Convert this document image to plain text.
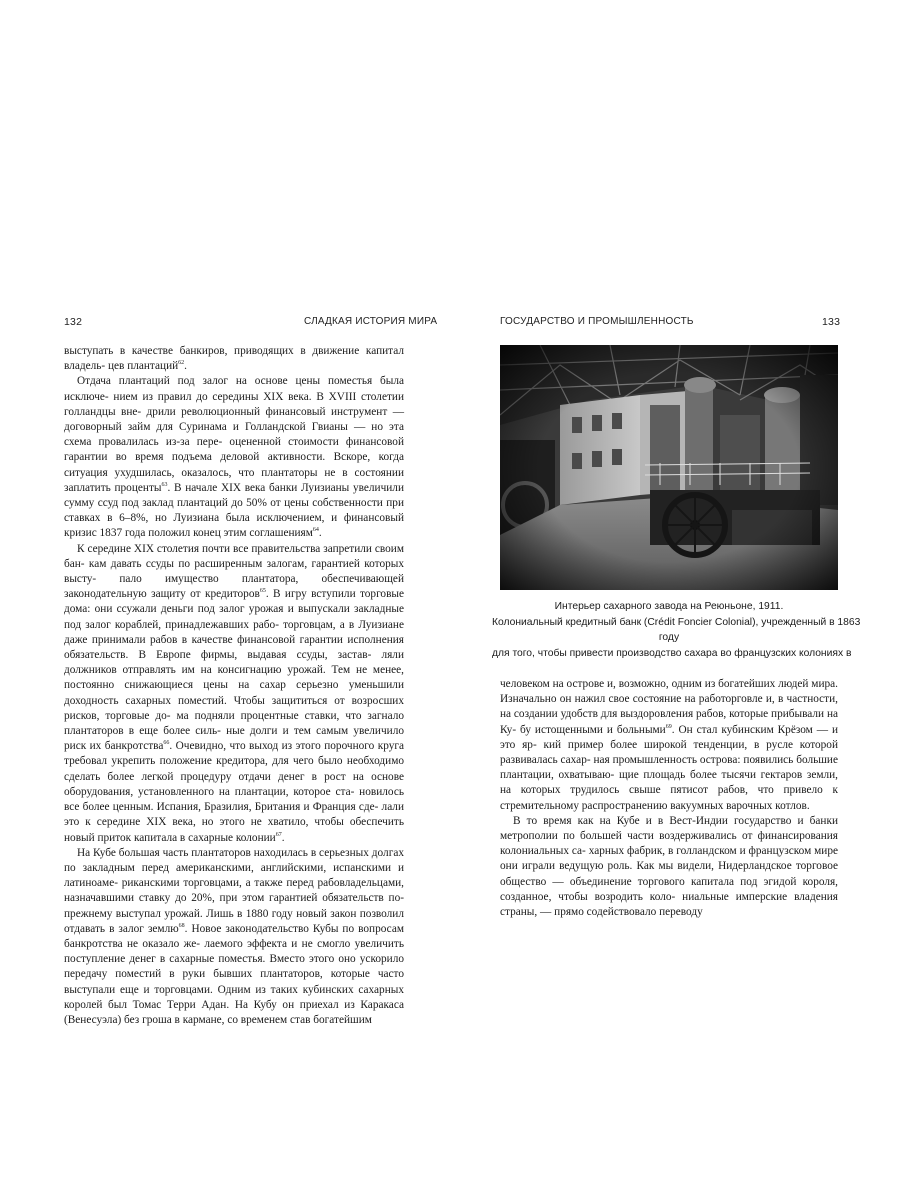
132	СЛАДКАЯ ИСТОРИЯ МИРА

выступать в качестве банкиров, приводящих в движение капитал владель- цев плантаций$^{62}$.

Отдача плантаций под залог на основе цены поместья была исключе- нием из правил до середины XIX века. В XVIII столетии голландцы вне- дрили революционный финансовый инструмент — договорный займ для Суринама и Голландской Гвианы — но эта схема провалилась из-за пере- оцененной стоимости финансовой гарантии во время подъема деловой активности. Вскоре, когда ситуация ухудшилась, оказалось, что плантаторы не в состоянии заплатить проценты$^{63}$. В начале XIX века банки Луизианы увеличили сумму ссуд под заклад плантаций до 50% от цены собственности при ставках в 6–8%, но Луизиана была исключением, и финансовый кризис 1837 года положил конец этим соглашениям$^{64}$.

К середине XIX столетия почти все правительства запретили своим бан- кам давать ссуды по расширенным залогам, гарантией которых высту- пало имущество плантатора, обеспечивающей законодательную защиту от кредиторов$^{65}$. В игру вступили торговые дома: они ссужали деньги под залог урожая и выпускали закладные под залог кораблей, принадлежавших рабо- торговцам, а в Луизиане даже принимали рабов в качестве финансовой гарантии исполнения обязательств. В Европе фирмы, выдавая ссуды, застав- ляли должников отправлять им на консигнацию урожай. Тем не менее, постоянно снижающиеся цены на сахар серьезно уменьшили доходность сахарных поместий. Чтобы защититься от возросших рисков, торговые до- ма подняли процентные ставки, что загнало плантаторов в еще более силь- ные долги и тем самым увеличило риск их банкротства$^{66}$. Очевидно, что выход из этого порочного круга требовал укрепить положение кредитора, для чего было необходимо сделать более легкой процедуру отдачи денег в рост на основе оборудования, установленного на плантации, которое ста- новилось все более ценным. Испания, Бразилия, Британия и Франция сде- лали это к середине XIX века, но этого не хватило, чтобы обеспечить новый приток капитала в сахарные колонии$^{67}$.

На Кубе большая часть плантаторов находилась в серьезных долгах по закладным перед американскими, английскими, испанскими и латиноаме- риканскими торговцами, а также перед рабовладельцами, назначавшими ставку до 20%, при этом гарантией обязательств по-прежнему выступал урожай. Лишь в 1880 году новый закон позволил отдавать в залог землю$^{68}$. Новое законодательство Кубы по вопросам банкротства не оказало же- лаемого эффекта и не смогло увеличить поступление денег в сахарные поместья. Вместо этого оно ускорило передачу поместий в руки бывших плантаторов, которые часто выступали еще и торговцами. Одним из таких кубинских сахарных королей был Томас Терри Адан. На Кубу он приехал из Каракаса (Венесуэла) без гроша в кармане, со временем став богатейшим

ГОСУДАРСТВО И ПРОМЫШЛЕННОСТЬ	133
Интерьер сахарного завода на Реюньоне, 1911.
Колониальный кредитный банк (Crédit Foncier Colonial), учрежденный в 1863
году
для того, чтобы привести производство сахара во французских колониях в

человеком на острове и, возможно, одним из богатейших людей мира. Изначально он нажил свое состояние на работорговле и, в частности, на создании удобств для выздоровления рабов, которые прибывали на Ку- бу истощенными и больными$^{69}$. Он стал кубинским Крёзом — и это яр- кий пример более широкой тенденции, в русле которой развивалась сахар- ная промышленность острова: появились большие плантации, охватываю- щие площадь более тысячи гектаров земли, на которых трудилось свыше пятисот рабов, что привело к стремительному распространению вакуумных варочных котлов.

В то время как на Кубе и в Вест-Индии государство и банки метрополии по большей части воздерживались от финансирования колониальных са- харных фабрик, в голландском и французском мире они играли ведущую роль. Как мы видели, Нидерландское торговое общество — объединение торгового капитала под эгидой короля, созданное, чтобы возродить коло- ниальные имперские владения страны, — прямо содействовало переводу
